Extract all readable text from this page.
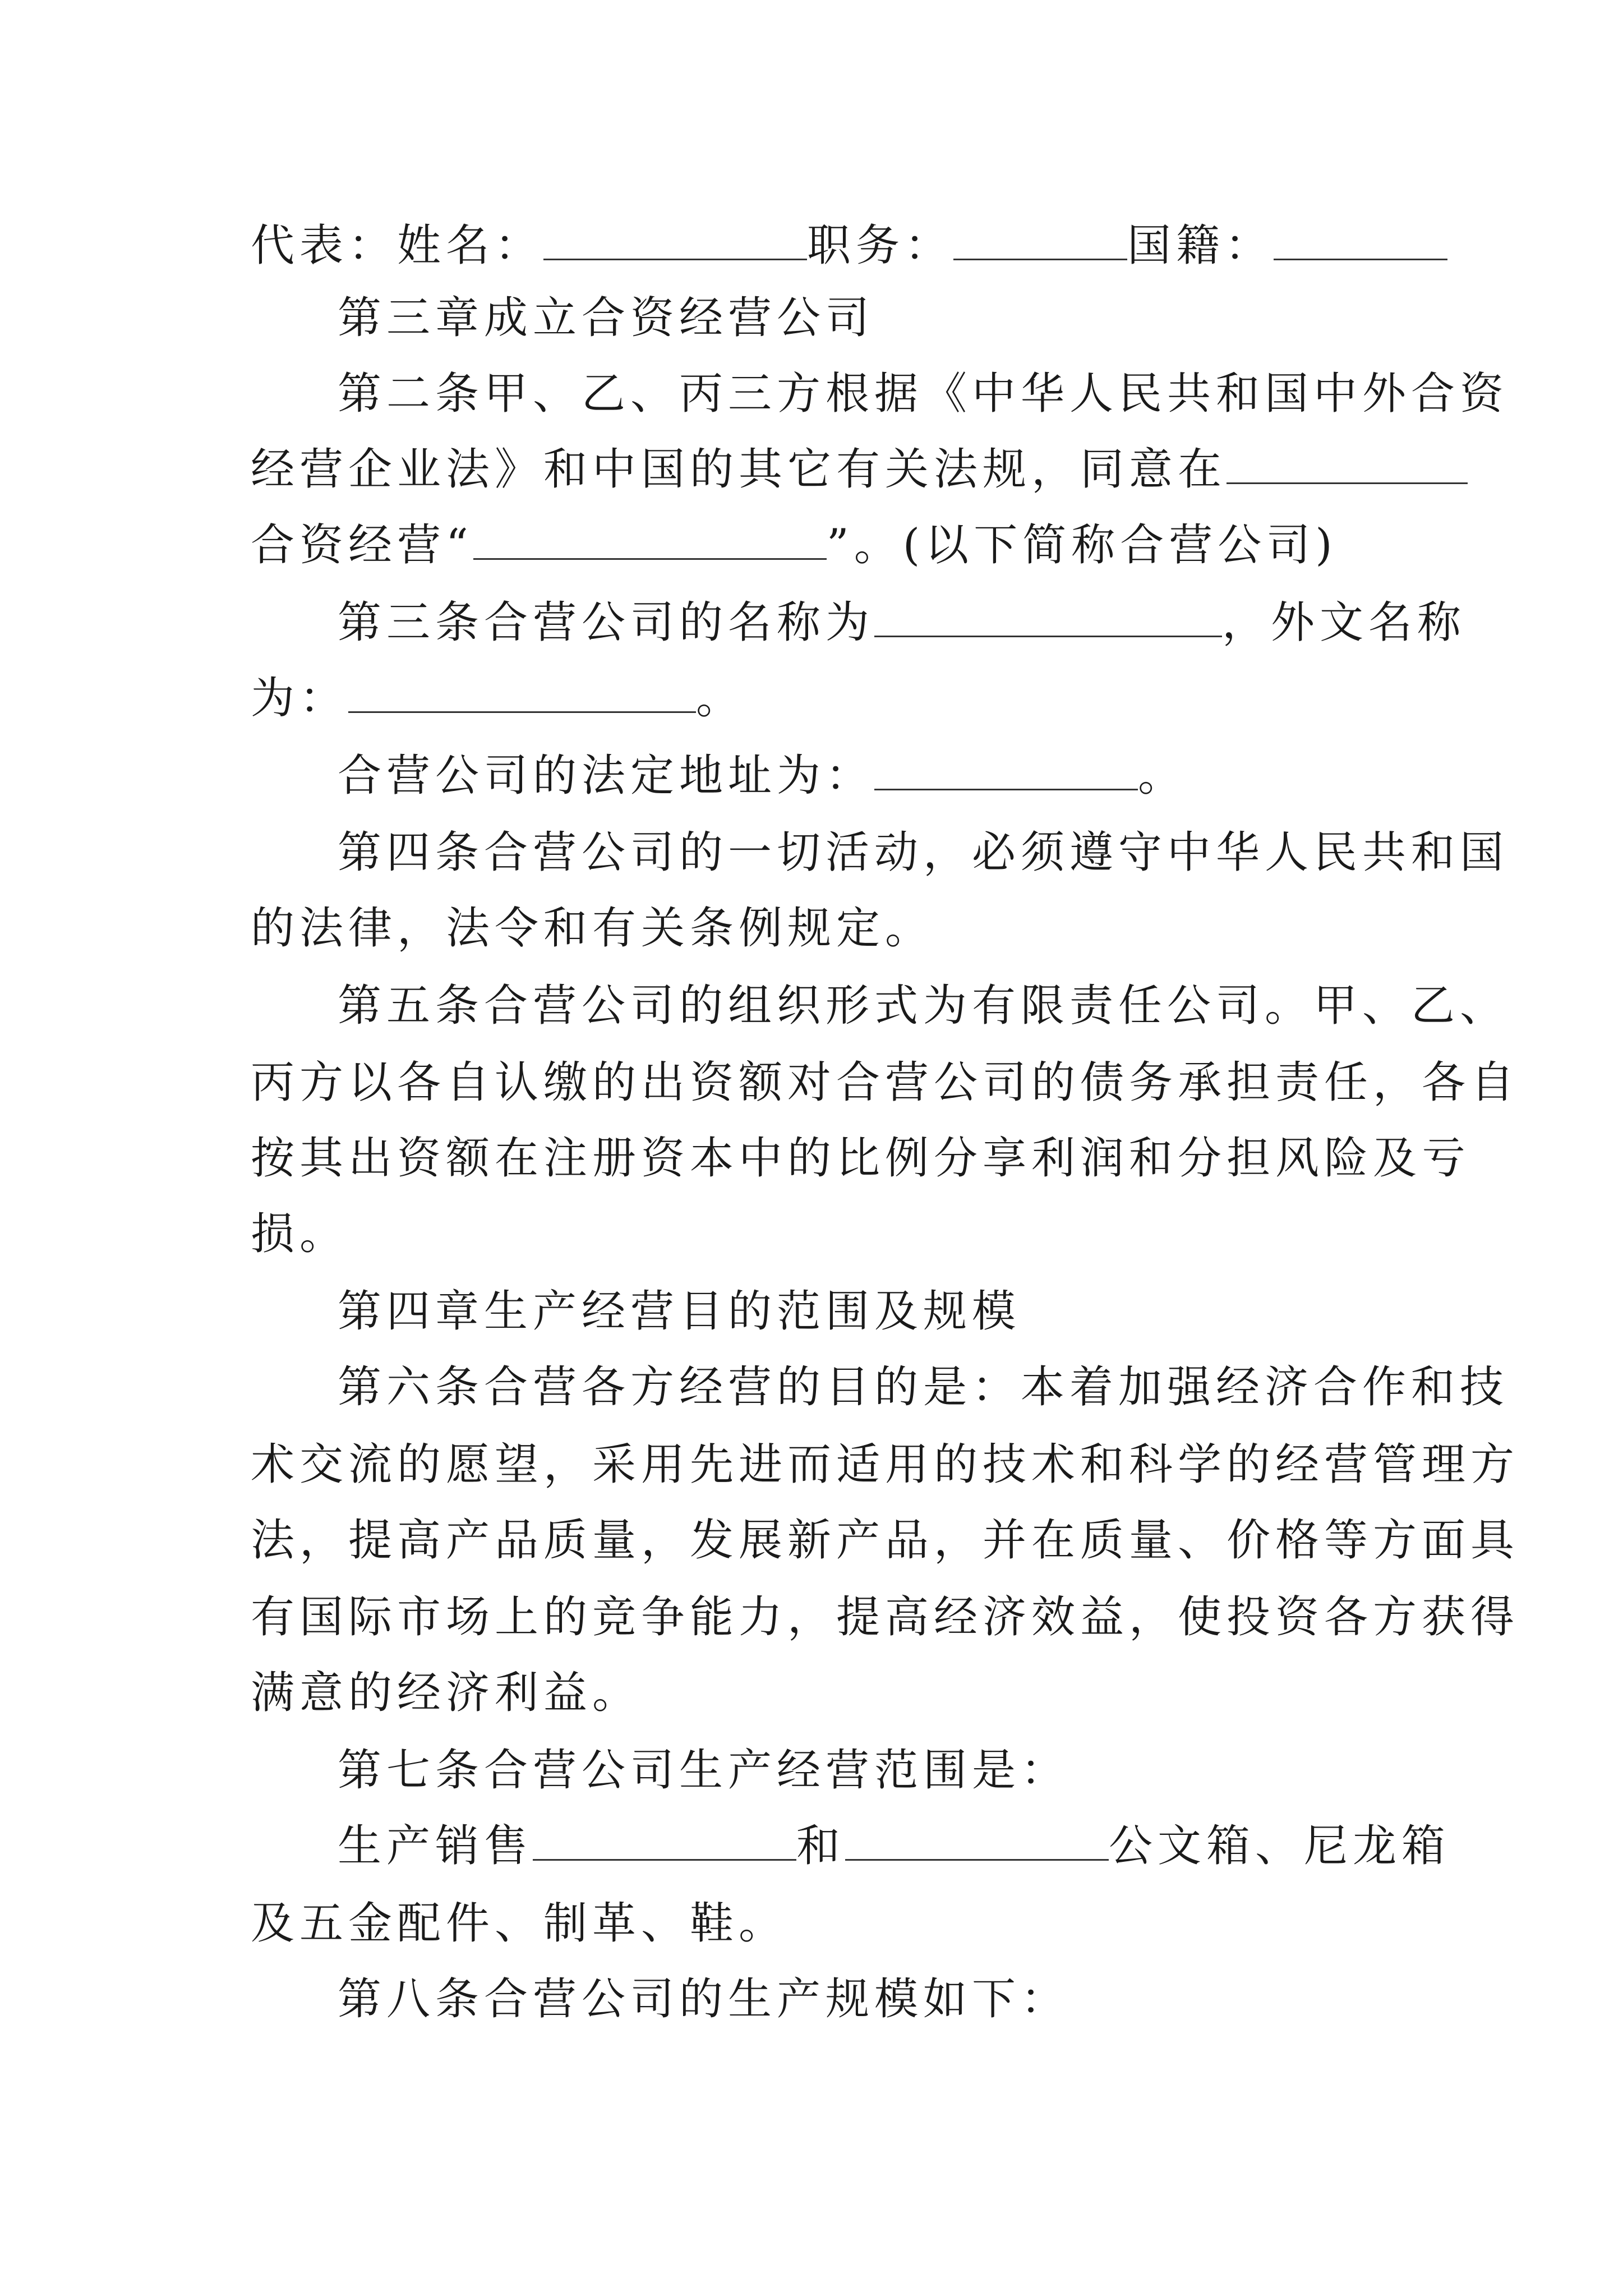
代表：姓名：	职务：	国籍：
第三章成立合资经营公司
第二条甲、乙、丙三方根据《中华人民共和国中外合资
经营企业法》和中国的其它有关法规，同意在
合资经营“	”。(以下简称合营公司)
第三条合营公司的名称为	，外文名称
为：	。
合营公司的法定地址为：	。
第四条合营公司的一切活动，必须遵守中华人民共和国
的法律，法令和有关条例规定。
第五条合营公司的组织形式为有限责任公司。甲、乙、
丙方以各自认缴的出资额对合营公司的债务承担责任，各自
按其出资额在注册资本中的比例分享利润和分担风险及亏
损。
第四章生产经营目的范围及规模
第六条合营各方经营的目的是：本着加强经济合作和技
术交流的愿望，采用先进而适用的技术和科学的经营管理方
法，提高产品质量，发展新产品，并在质量、价格等方面具
有国际市场上的竞争能力，提高经济效益，使投资各方获得
满意的经济利益。
第七条合营公司生产经营范围是：
生产销售	和	公文箱、尼龙箱
及五金配件、制革、鞋。
第八条合营公司的生产规模如下：
